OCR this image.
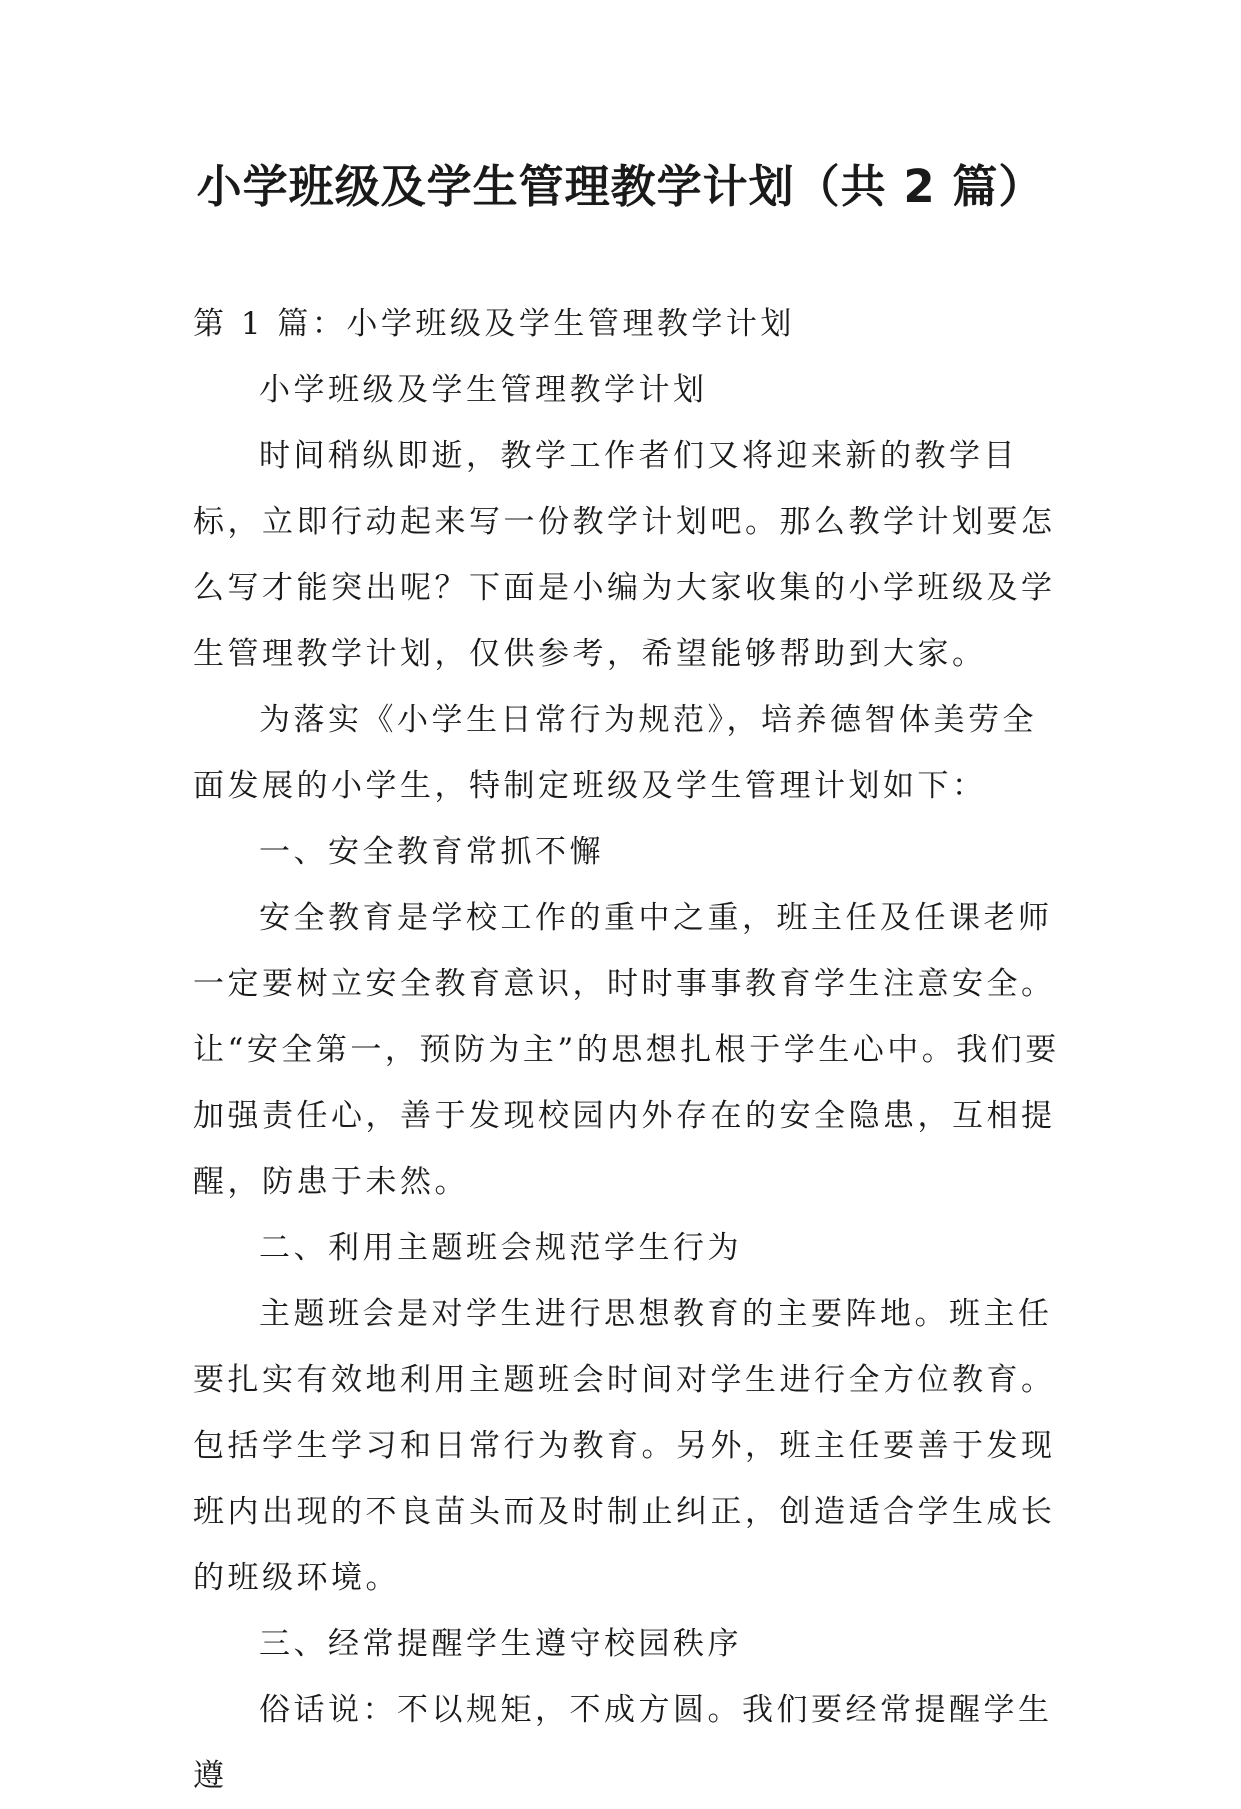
小学班级及学生管理教学计划（共 2 篇）

第 1 篇：小学班级及学生管理教学计划

小学班级及学生管理教学计划

时间稍纵即逝，教学工作者们又将迎来新的教学目标，立即行动起来写一份教学计划吧。那么教学计划要怎么写才能突出呢？下面是小编为大家收集的小学班级及学生管理教学计划，仅供参考，希望能够帮助到大家。

为落实《小学生日常行为规范》，培养德智体美劳全面发展的小学生，特制定班级及学生管理计划如下：

一、安全教育常抓不懈

安全教育是学校工作的重中之重，班主任及任课老师一定要树立安全教育意识，时时事事教育学生注意安全。让“安全第一，预防为主”的思想扎根于学生心中。我们要加强责任心，善于发现校园内外存在的安全隐患，互相提醒，防患于未然。

二、利用主题班会规范学生行为

主题班会是对学生进行思想教育的主要阵地。班主任要扎实有效地利用主题班会时间对学生进行全方位教育。包括学生学习和日常行为教育。另外，班主任要善于发现班内出现的不良苗头而及时制止纠正，创造适合学生成长的班级环境。

三、经常提醒学生遵守校园秩序

俗话说：不以规矩，不成方圆。我们要经常提醒学生遵
